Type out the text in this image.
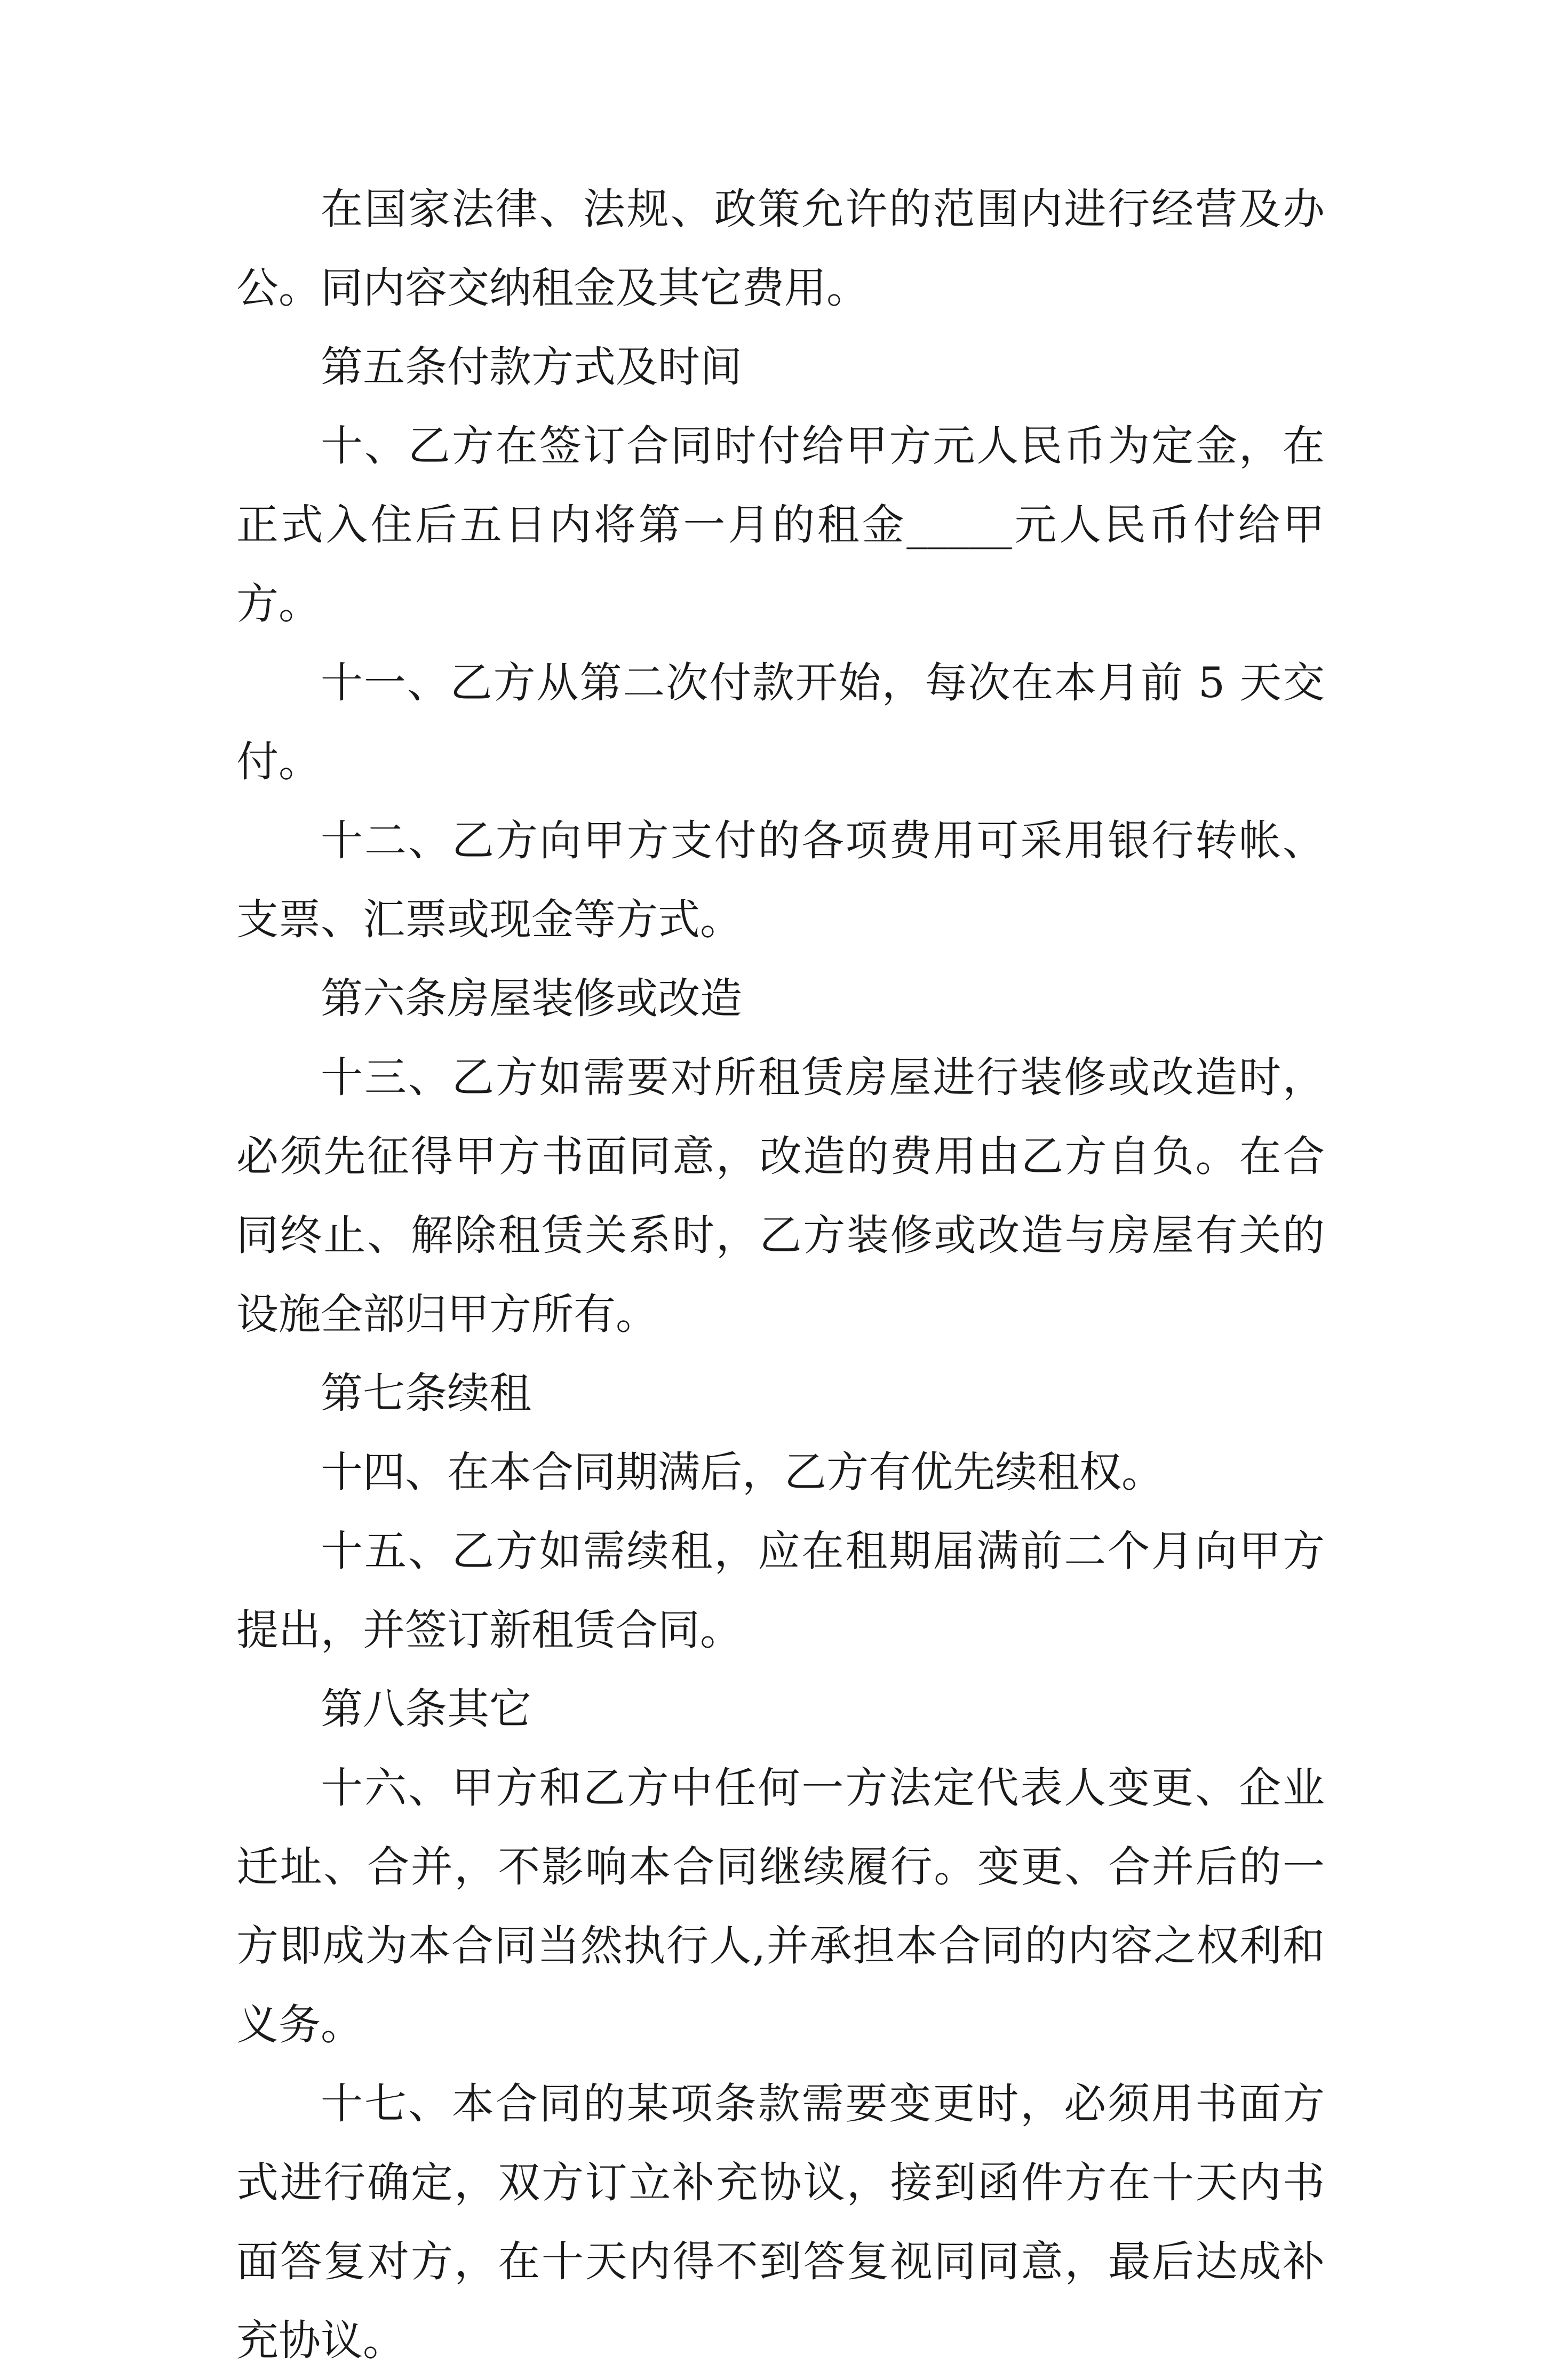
在国家法律、法规、政策允许的范围内进行经营及办公。同内容交纳租金及其它费用。

第五条付款方式及时间

十、乙方在签订合同时付给甲方元人民币为定金，在正式入住后五日内将第一月的租金_____元人民币付给甲方。

十一、乙方从第二次付款开始，每次在本月前 5 天交付。

十二、乙方向甲方支付的各项费用可采用银行转帐、支票、汇票或现金等方式。

第六条房屋装修或改造

十三、乙方如需要对所租赁房屋进行装修或改造时，必须先征得甲方书面同意，改造的费用由乙方自负。在合同终止、解除租赁关系时，乙方装修或改造与房屋有关的设施全部归甲方所有。

第七条续租

十四、在本合同期满后，乙方有优先续租权。

十五、乙方如需续租，应在租期届满前二个月向甲方提出，并签订新租赁合同。

第八条其它

十六、甲方和乙方中任何一方法定代表人变更、企业迁址、合并，不影响本合同继续履行。变更、合并后的一方即成为本合同当然执行人,并承担本合同的内容之权利和义务。

十七、本合同的某项条款需要变更时，必须用书面方式进行确定，双方订立补充协议，接到函件方在十天内书面答复对方，在十天内得不到答复视同同意，最后达成补充协议。
